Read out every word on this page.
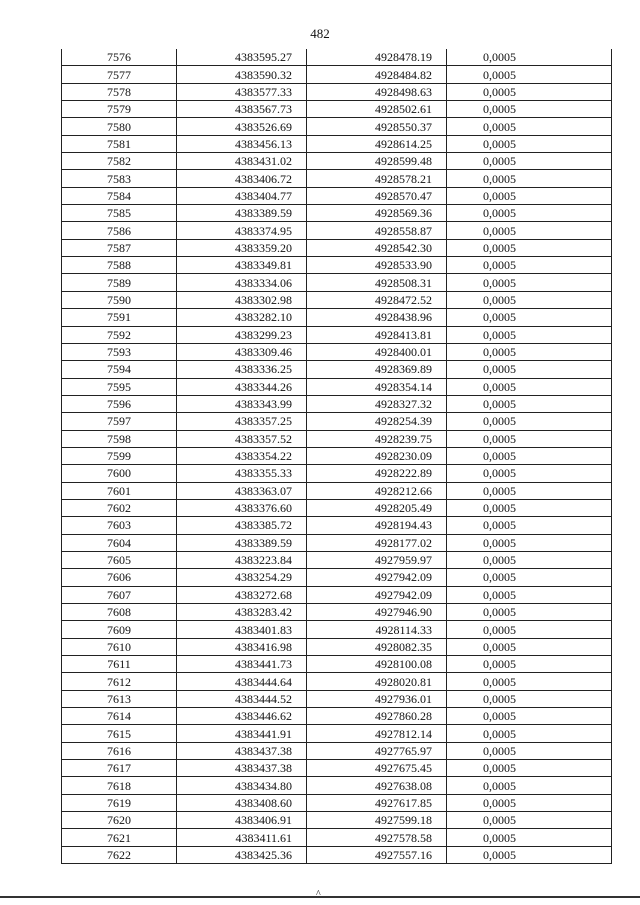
482
7576	4383595.27	4928478.19	0,0005
7577	4383590.32	4928484.82	0,0005
7578	4383577.33	4928498.63	0,0005
7579	4383567.73	4928502.61	0,0005
7580	4383526.69	4928550.37	0,0005
7581	4383456.13	4928614.25	0,0005
7582	4383431.02	4928599.48	0,0005
7583	4383406.72	4928578.21	0,0005
7584	4383404.77	4928570.47	0,0005
7585	4383389.59	4928569.36	0,0005
7586	4383374.95	4928558.87	0,0005
7587	4383359.20	4928542.30	0,0005
7588	4383349.81	4928533.90	0,0005
7589	4383334.06	4928508.31	0,0005
7590	4383302.98	4928472.52	0,0005
7591	4383282.10	4928438.96	0,0005
7592	4383299.23	4928413.81	0,0005
7593	4383309.46	4928400.01	0,0005
7594	4383336.25	4928369.89	0,0005
7595	4383344.26	4928354.14	0,0005
7596	4383343.99	4928327.32	0,0005
7597	4383357.25	4928254.39	0,0005
7598	4383357.52	4928239.75	0,0005
7599	4383354.22	4928230.09	0,0005
7600	4383355.33	4928222.89	0,0005
7601	4383363.07	4928212.66	0,0005
7602	4383376.60	4928205.49	0,0005
7603	4383385.72	4928194.43	0,0005
7604	4383389.59	4928177.02	0,0005
7605	4383223.84	4927959.97	0,0005
7606	4383254.29	4927942.09	0,0005
7607	4383272.68	4927942.09	0,0005
7608	4383283.42	4927946.90	0,0005
7609	4383401.83	4928114.33	0,0005
7610	4383416.98	4928082.35	0,0005
7611	4383441.73	4928100.08	0,0005
7612	4383444.64	4928020.81	0,0005
7613	4383444.52	4927936.01	0,0005
7614	4383446.62	4927860.28	0,0005
7615	4383441.91	4927812.14	0,0005
7616	4383437.38	4927765.97	0,0005
7617	4383437.38	4927675.45	0,0005
7618	4383434.80	4927638.08	0,0005
7619	4383408.60	4927617.85	0,0005
7620	4383406.91	4927599.18	0,0005
7621	4383411.61	4927578.58	0,0005
7622	4383425.36	4927557.16	0,0005
^
